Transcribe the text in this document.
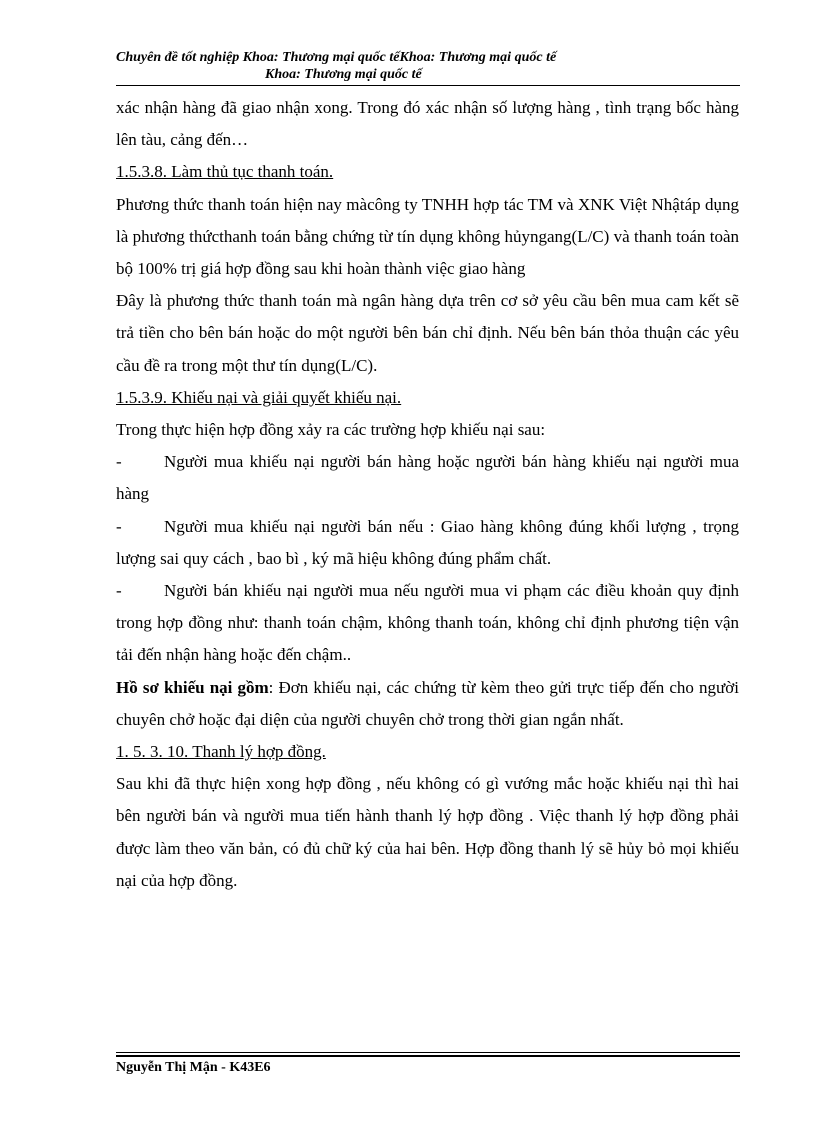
Chuyên đề tốt nghiệp Khoa: Thương mại quốc tếKhoa: Thương mại quốc tế
Khoa: Thương mại quốc tế

xác nhận hàng đã giao nhận xong. Trong đó xác nhận số lượng hàng , tình trạng bốc hàng lên tàu, cảng đến…

1.5.3.8. Làm thủ tục thanh toán.

Phương thức thanh toán hiện nay màcông ty TNHH hợp tác TM và XNK Việt Nhậtáp dụng là phương thứcthanh toán bằng chứng từ tín dụng không hủyngang(L/C) và thanh toán toàn bộ 100% trị giá hợp đồng sau khi hoàn thành việc giao hàng

Đây là phương thức thanh toán mà ngân hàng dựa trên cơ sở yêu cầu bên mua cam kết sẽ trả tiền cho bên bán hoặc do một người bên bán chỉ định. Nếu bên bán thỏa thuận các yêu cầu đề ra trong một thư tín dụng(L/C).

1.5.3.9. Khiếu nại và giải quyết khiếu nại.

Trong thực hiện hợp đồng xảy ra các trường hợp khiếu nại sau:

- Người mua khiếu nại người bán hàng hoặc người bán hàng khiếu nại người mua hàng

- Người mua khiếu nại người bán nếu : Giao hàng không đúng khối lượng , trọng lượng sai quy cách , bao bì , ký mã hiệu không đúng phẩm chất.

- Người bán khiếu nại người mua nếu người mua vi phạm các điều khoản quy định trong hợp đồng như: thanh toán chậm, không thanh toán, không chỉ định phương tiện vận tải đến nhận hàng hoặc đến chậm..

Hồ sơ khiếu nại gồm: Đơn khiếu nại, các chứng từ kèm theo gửi trực tiếp đến cho người chuyên chở hoặc đại diện của người chuyên chở trong thời gian ngắn nhất.

1. 5. 3. 10. Thanh lý hợp đồng.

Sau khi đã thực hiện xong hợp đồng , nếu không có gì vướng mắc hoặc khiếu nại thì hai bên người bán và người mua tiến hành thanh lý hợp đồng . Việc thanh lý hợp đồng phải được làm theo văn bản, có đủ chữ ký của hai bên. Hợp đồng thanh lý sẽ hủy bỏ mọi khiếu nại của hợp đồng.

Nguyễn Thị Mận - K43E6
